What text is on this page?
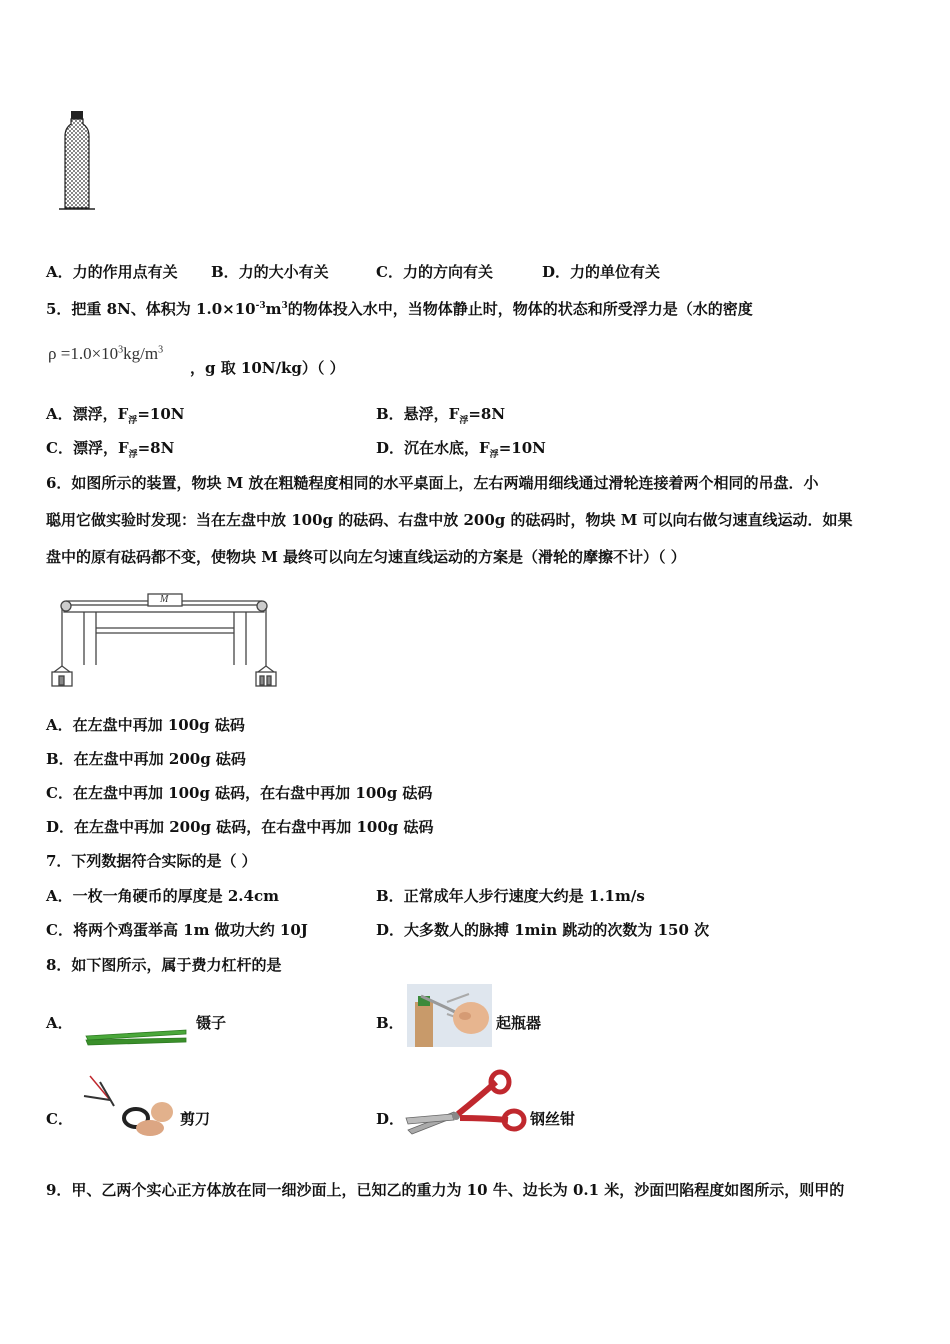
A．力的作用点有关 B．力的大小有关	C．力的方向有关	D．力的单位有关
5．把重 8N、体积为 $1.0\times 10^{-3}m^3$的物体投入水中，当物体静止时，物体的状态和所受浮力是（水的密度
$\rho =1.0\times 10^3kg/m^3$
，g 取 10N/kg）（ ）
A．漂浮，$F_浮=10N$	B．悬浮，$F_浮=8N$
C．漂浮，$F_浮=8N$	D．沉在水底，$F_浮=10N$
6．如图所示的装置，物块 M 放在粗糙程度相同的水平桌面上，左右两端用细线通过滑轮连接着两个相同的吊盘．小
聪用它做实验时发现：当在左盘中放 100g 的砝码、右盘中放 200g 的砝码时，物块 M 可以向右做匀速直线运动．如果
盘中的原有砝码都不变，使物块 M 最终可以向左匀速直线运动的方案是（滑轮的摩擦不计）（ ）
M
A．在左盘中再加 100g 砝码
B．在左盘中再加 200g 砝码
C．在左盘中再加 100g 砝码，在右盘中再加 100g 砝码
D．在左盘中再加 200g 砝码，在右盘中再加 100g 砝码
7．下列数据符合实际的是（ ）
A．一枚一角硬币的厚度是 2.4cm	B．正常成年人步行速度大约是 1.1m/s
C．将两个鸡蛋举高 1m 做功大约 10J	D．大多数人的脉搏 1min 跳动的次数为 150 次
8．如下图所示，属于费力杠杆的是
A．	镊子	B．	起瓶器
C．	剪刀	D．	钢丝钳
9．甲、乙两个实心正方体放在同一细沙面上，已知乙的重力为 10 牛、边长为 0.1 米，沙面凹陷程度如图所示，则甲的
